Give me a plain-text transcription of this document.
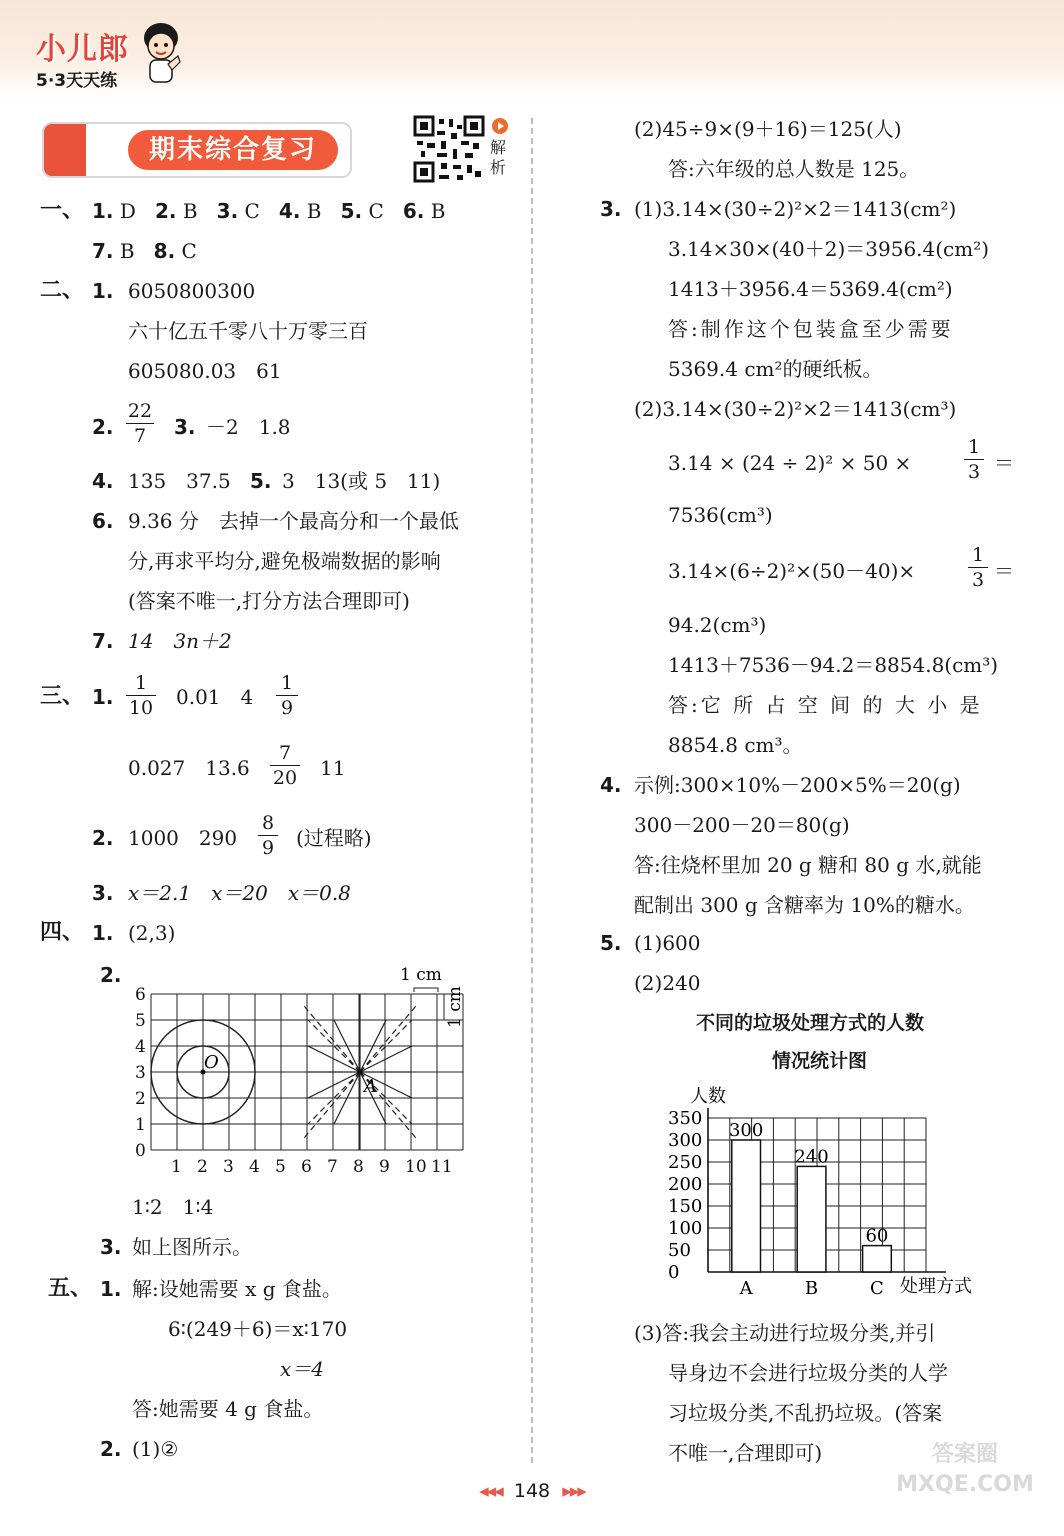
小儿郎
5·3天天练
期末综合复习	解析
一、 1. D 2. B 3. C 4. B 5. C 6. B
7. B 8. C
二、 1. 6050800300
六十亿五千零八十万零三百
605080.03　61
2.
22
7	3. －2　1.8
4. 135　37.5 5. 3　13(或 5　11)
6. 9.36 分　去掉一个最高分和一个最低
分,再求平均分,避免极端数据的影响
(答案不唯一,打分方法合理即可)
7. 14　3n＋2
三、 1.
1
10 0.01　4
1
9
0.027　13.6
7
20 11
2. 1000　290
8
9 (过程略)
3. x＝2.1　x＝20　x＝0.8
四、 1. (2,3)
2.
1 2 3 4 5 6 7 8 9 10 11
0
1
2
3
4
5
6
O
A
1 cm
1 cm
1∶2　1∶4
3. 如上图所示。
五、 1. 解:设她需要 x g 食盐。
6∶(249＋6)＝x∶170
x＝4
答:她需要 4 g 食盐。
2. (1)②
(2)45÷9×(9＋16)＝125(人)
答:六年级的总人数是 125。
3. (1)3.14×(30÷2)²×2＝1413(cm²)
3.14×30×(40＋2)＝3956.4(cm²)
1413＋3956.4＝5369.4(cm²)
答:制作这个包装盒至少需要
5369.4 cm²的硬纸板。
(2)3.14×(30÷2)²×2＝1413(cm³)
3.14 × (24 ÷ 2)² × 50 ×
1
3 ＝
7536(cm³)
3.14×(6÷2)²×(50－40)×
1
3 ＝
94.2(cm³)
1413＋7536－94.2＝8854.8(cm³)
答:它 所 占 空 间 的 大 小 是
8854.8 cm³。
4. 示例:300×10%－200×5%＝20(g)
300－200－20＝80(g)
答:往烧杯里加 20 g 糖和 80 g 水,就能
配制出 300 g 含糖率为 10%的糖水。
5. (1)600
(2)240
不同的垃圾处理方式的人数
情况统计图
人数
处理方式
0
50
100
150
200
250
300
350
300
A
240
B
60
C
(3)答:我会主动进行垃圾分类,并引
导身边不会进行垃圾分类的人学
习垃圾分类,不乱扔垃圾。(答案
不唯一,合理即可)
◂◂◂ 148 ▸▸▸
答案圈
MXQE.COM
